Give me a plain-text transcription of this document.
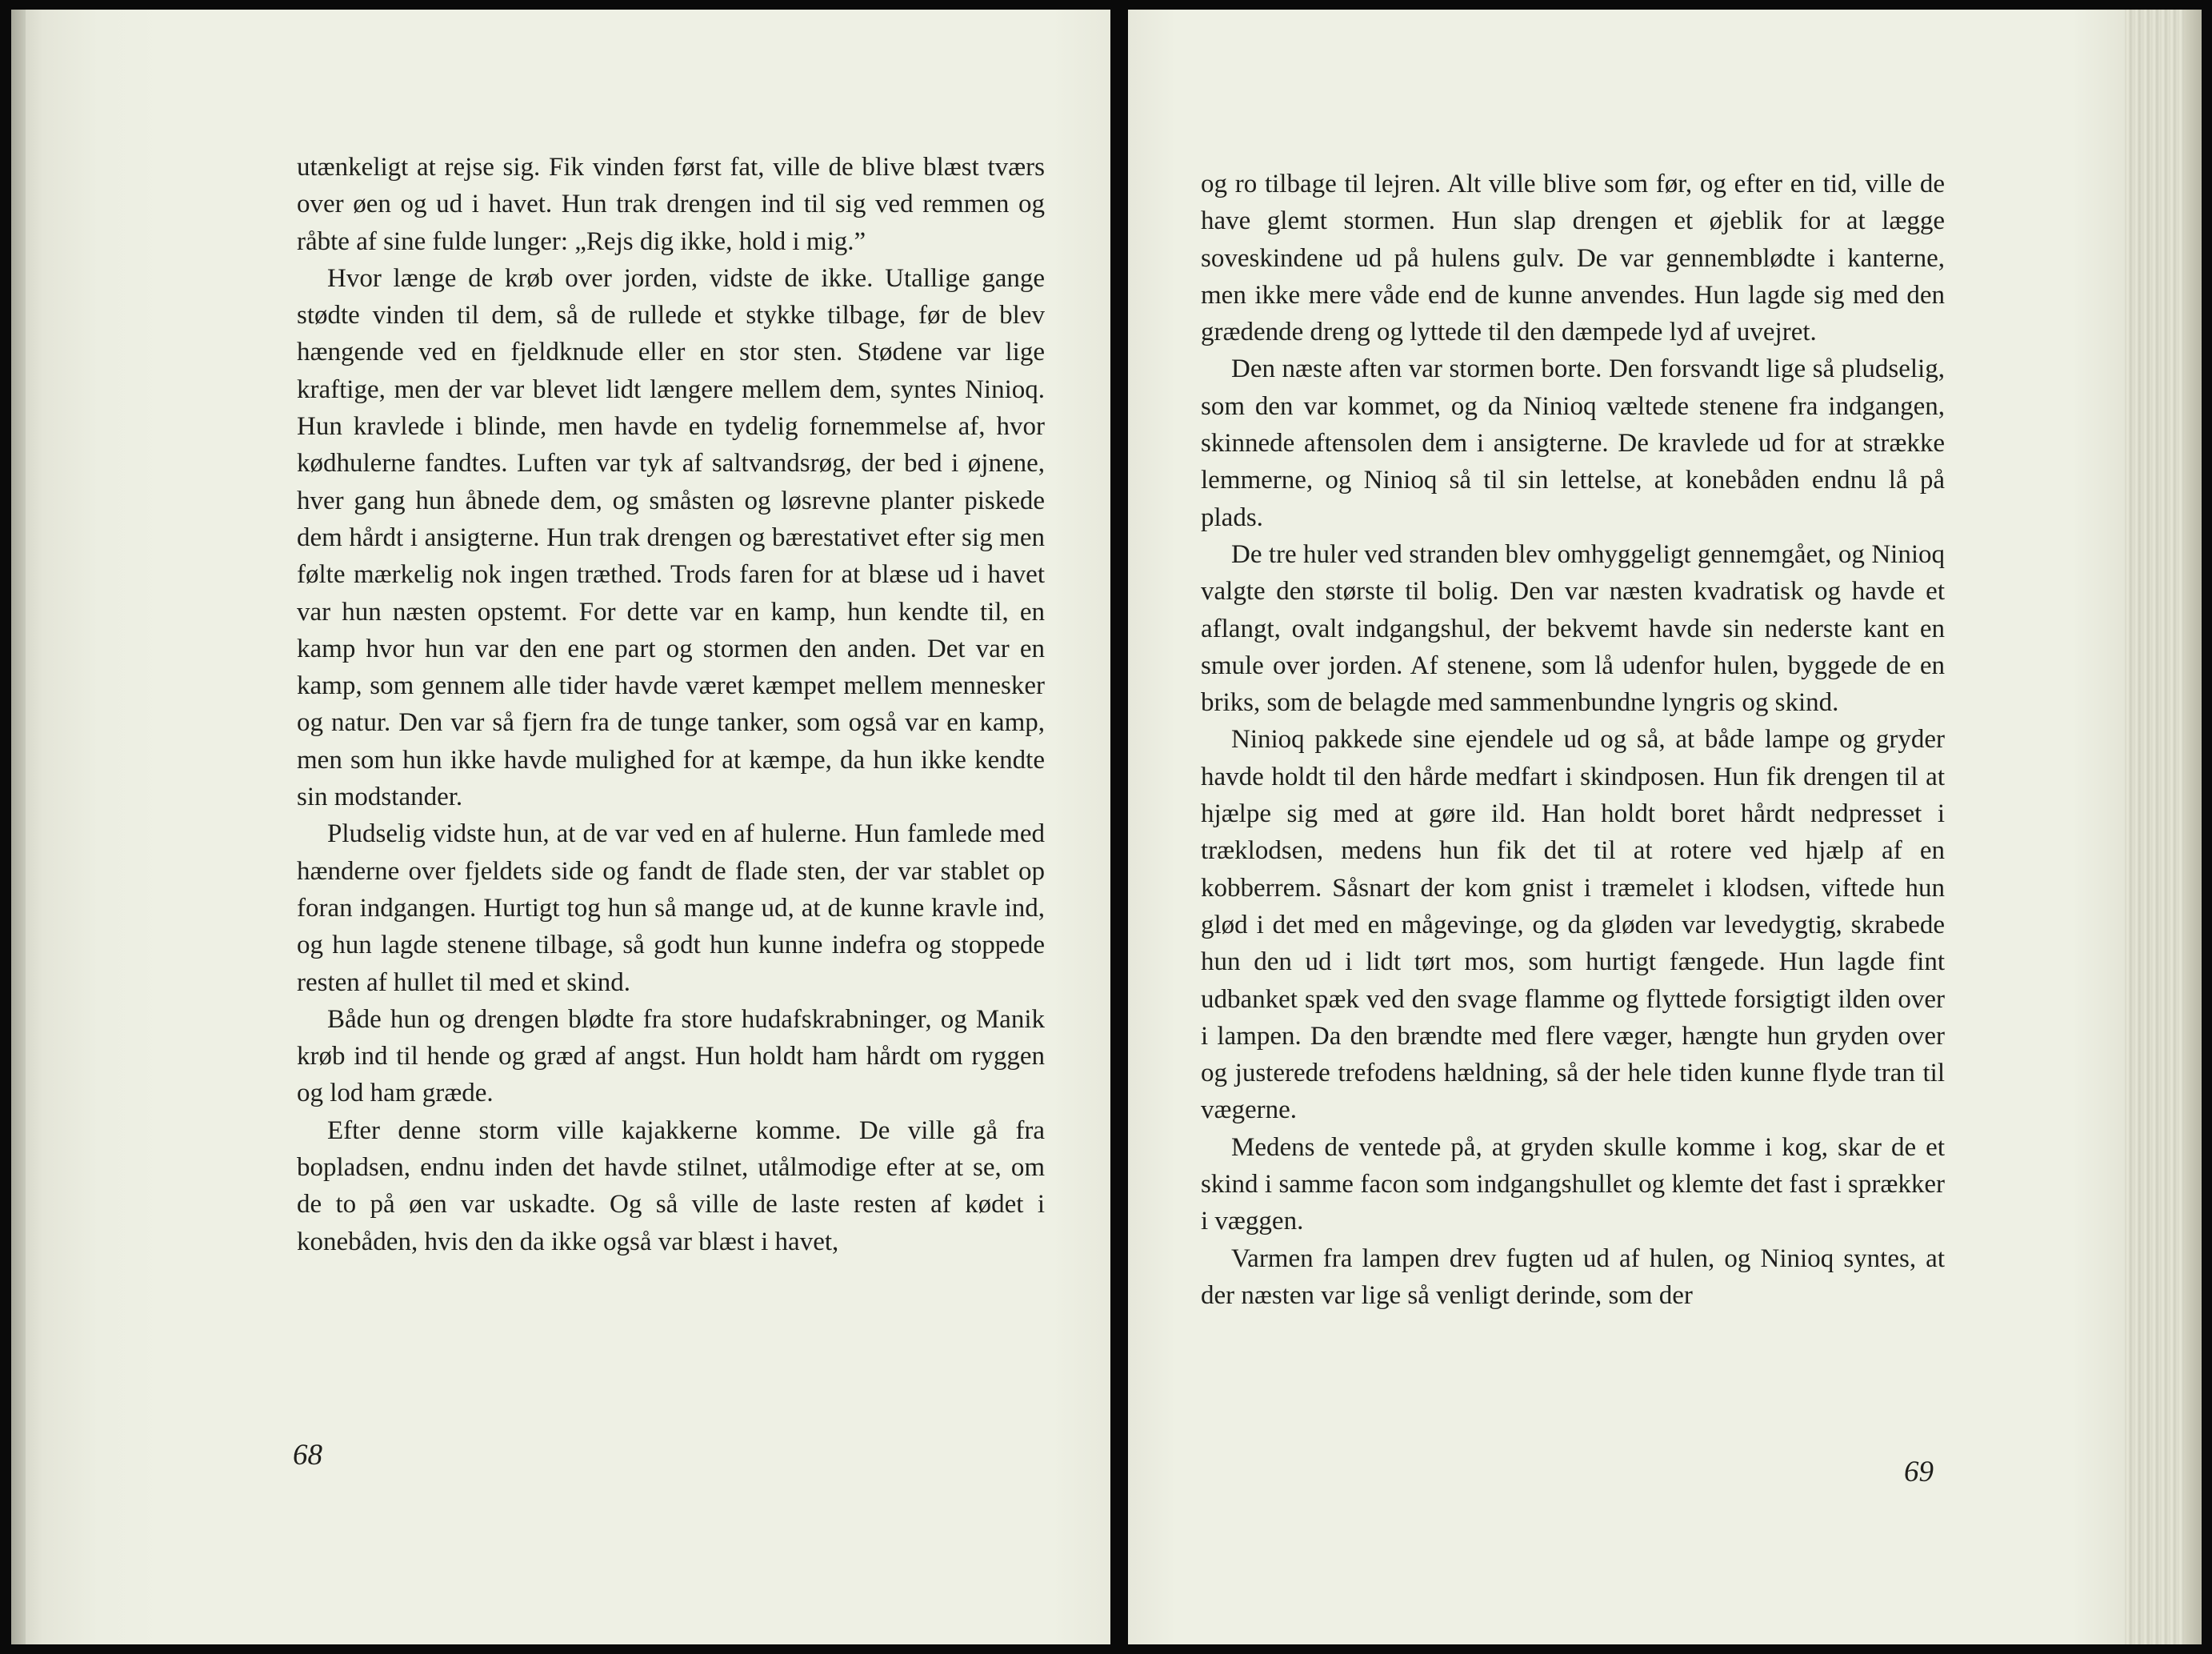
utænkeligt at rejse sig. Fik vinden først fat, ville de blive blæst tværs over øen og ud i havet. Hun trak drengen ind til sig ved remmen og råbte af sine fulde lunger: „Rejs dig ikke, hold i mig.”

Hvor længe de krøb over jorden, vidste de ikke. Utallige gange stødte vinden til dem, så de rullede et stykke tilbage, før de blev hængende ved en fjeldknude eller en stor sten. Stødene var lige kraftige, men der var blevet lidt længere mellem dem, syntes Ninioq. Hun kravlede i blinde, men havde en tydelig fornemmelse af, hvor kødhulerne fandtes. Luften var tyk af saltvandsrøg, der bed i øjnene, hver gang hun åbnede dem, og småsten og løsrevne planter piskede dem hårdt i ansigterne. Hun trak drengen og bærestativet efter sig men følte mærkelig nok ingen træthed. Trods faren for at blæse ud i havet var hun næsten opstemt. For dette var en kamp, hun kendte til, en kamp hvor hun var den ene part og stormen den anden. Det var en kamp, som gennem alle tider havde været kæmpet mellem mennesker og natur. Den var så fjern fra de tunge tanker, som også var en kamp, men som hun ikke havde mulighed for at kæmpe, da hun ikke kendte sin modstander.

Pludselig vidste hun, at de var ved en af hulerne. Hun famlede med hænderne over fjeldets side og fandt de flade sten, der var stablet op foran indgangen. Hurtigt tog hun så mange ud, at de kunne kravle ind, og hun lagde stenene tilbage, så godt hun kunne indefra og stoppede resten af hullet til med et skind.

Både hun og drengen blødte fra store hudafskrabninger, og Manik krøb ind til hende og græd af angst. Hun holdt ham hårdt om ryggen og lod ham græde.

Efter denne storm ville kajakkerne komme. De ville gå fra bopladsen, endnu inden det havde stilnet, utålmodige efter at se, om de to på øen var uskadte. Og så ville de laste resten af kødet i konebåden, hvis den da ikke også var blæst i havet,

68

og ro tilbage til lejren. Alt ville blive som før, og efter en tid, ville de have glemt stormen. Hun slap drengen et øjeblik for at lægge soveskindene ud på hulens gulv. De var gennemblødte i kanterne, men ikke mere våde end de kunne anvendes. Hun lagde sig med den grædende dreng og lyttede til den dæmpede lyd af uvejret.

Den næste aften var stormen borte. Den forsvandt lige så pludselig, som den var kommet, og da Ninioq væltede stenene fra indgangen, skinnede aftensolen dem i ansigterne. De kravlede ud for at strække lemmerne, og Ninioq så til sin lettelse, at konebåden endnu lå på plads.

De tre huler ved stranden blev omhyggeligt gennemgået, og Ninioq valgte den største til bolig. Den var næsten kvadratisk og havde et aflangt, ovalt indgangshul, der bekvemt havde sin nederste kant en smule over jorden. Af stenene, som lå udenfor hulen, byggede de en briks, som de belagde med sammenbundne lyngris og skind.

Ninioq pakkede sine ejendele ud og så, at både lampe og gryder havde holdt til den hårde medfart i skindposen. Hun fik drengen til at hjælpe sig med at gøre ild. Han holdt boret hårdt nedpresset i træklodsen, medens hun fik det til at rotere ved hjælp af en kobberrem. Såsnart der kom gnist i træmelet i klodsen, viftede hun glød i det med en mågevinge, og da gløden var levedygtig, skrabede hun den ud i lidt tørt mos, som hurtigt fængede. Hun lagde fint udbanket spæk ved den svage flamme og flyttede forsigtigt ilden over i lampen. Da den brændte med flere væger, hængte hun gryden over og justerede trefodens hældning, så der hele tiden kunne flyde tran til vægerne.

Medens de ventede på, at gryden skulle komme i kog, skar de et skind i samme facon som indgangshullet og klemte det fast i sprækker i væggen.

Varmen fra lampen drev fugten ud af hulen, og Ninioq syntes, at der næsten var lige så venligt derinde, som der

69
